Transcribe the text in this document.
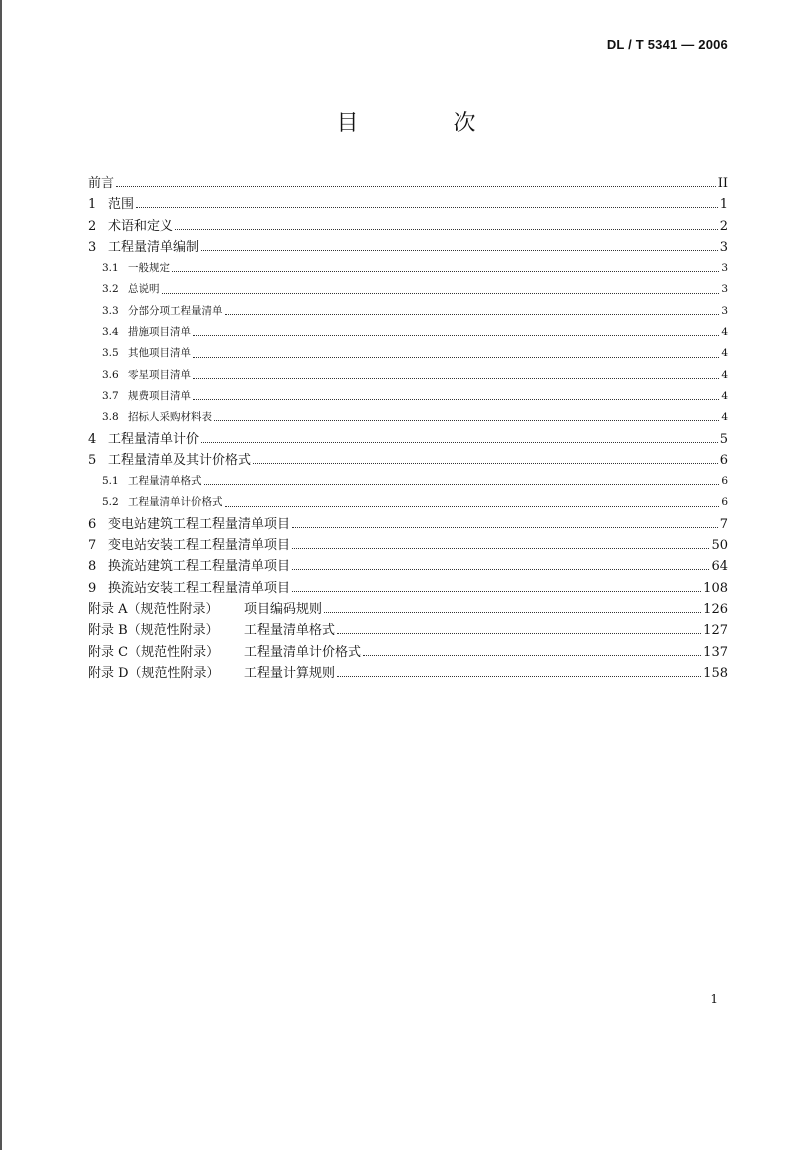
DL / T 5341 — 2006
目 次
前言	II
1 范围	1
2 术语和定义	2
3 工程量清单编制	3
3.1 一般规定	3
3.2 总说明	3
3.3 分部分项工程量清单	3
3.4 措施项目清单	4
3.5 其他项目清单	4
3.6 零星项目清单	4
3.7 规费项目清单	4
3.8 招标人采购材料表	4
4 工程量清单计价	5
5 工程量清单及其计价格式	6
5.1 工程量清单格式	6
5.2 工程量清单计价格式	6
6 变电站建筑工程工程量清单项目	7
7 变电站安装工程工程量清单项目	50
8 换流站建筑工程工程量清单项目	64
9 换流站安装工程工程量清单项目	108
附录 A（规范性附录）	项目编码规则	126
附录 B（规范性附录）	工程量清单格式	127
附录 C（规范性附录）	工程量清单计价格式	137
附录 D（规范性附录）	工程量计算规则	158
1
